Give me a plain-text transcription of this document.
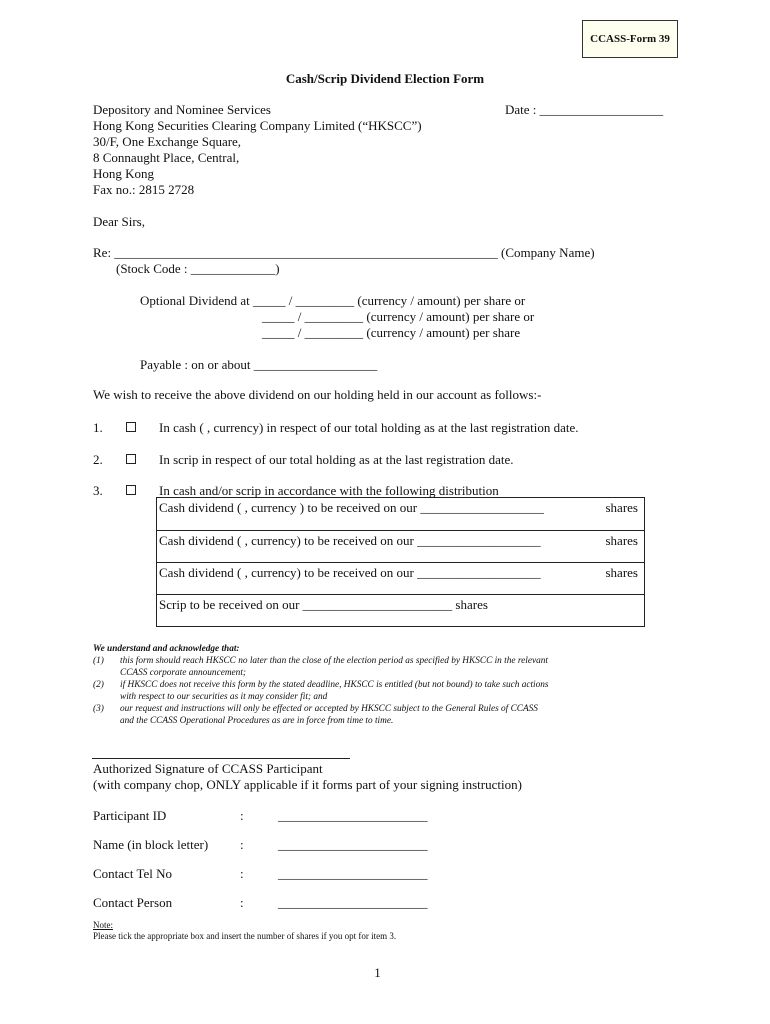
CCASS-Form 39
Cash/Scrip Dividend Election Form
Depository and Nominee Services
Hong Kong Securities Clearing Company Limited (“HKSCC”)
30/F, One Exchange Square,
8 Connaught Place, Central,
Hong Kong
Fax no.: 2815 2728
Date : ___________________
Dear Sirs,
Re: ___________________________________________________________ (Company Name)
(Stock Code : _____________)
Optional Dividend at _____ / _________ (currency / amount) per share or
_____ / _________ (currency / amount) per share or
_____ / _________ (currency / amount) per share
Payable : on or about ___________________
We wish to receive the above dividend on our holding held in our account as follows:-
1.	In cash ( , currency) in respect of our total holding as at the last registration date.
2.	In scrip in respect of our total holding as at the last registration date.
3.	In cash and/or scrip in accordance with the following distribution
Cash dividend ( , currency ) to be received on our ___________________	shares
Cash dividend ( , currency) to be received on our ___________________	shares
Cash dividend ( , currency) to be received on our ___________________	shares
Scrip to be received on our _______________________ shares
We understand and acknowledge that:
(1) this form should reach HKSCC no later than the close of the election period as specified by HKSCC in the relevant
CCASS corporate announcement;
(2) if HKSCC does not receive this form by the stated deadline, HKSCC is entitled (but not bound) to take such actions
with respect to our securities as it may consider fit; and
(3) our request and instructions will only be effected or accepted by HKSCC subject to the General Rules of CCASS
and the CCASS Operational Procedures as are in force from time to time.
Authorized Signature of CCASS Participant
(with company chop, ONLY applicable if it forms part of your signing instruction)
Participant ID	:	_______________________
Name (in block letter) :	_______________________
Contact Tel No	:	_______________________
Contact Person	:	_______________________
Note:
Please tick the appropriate box and insert the number of shares if you opt for item 3.
1
